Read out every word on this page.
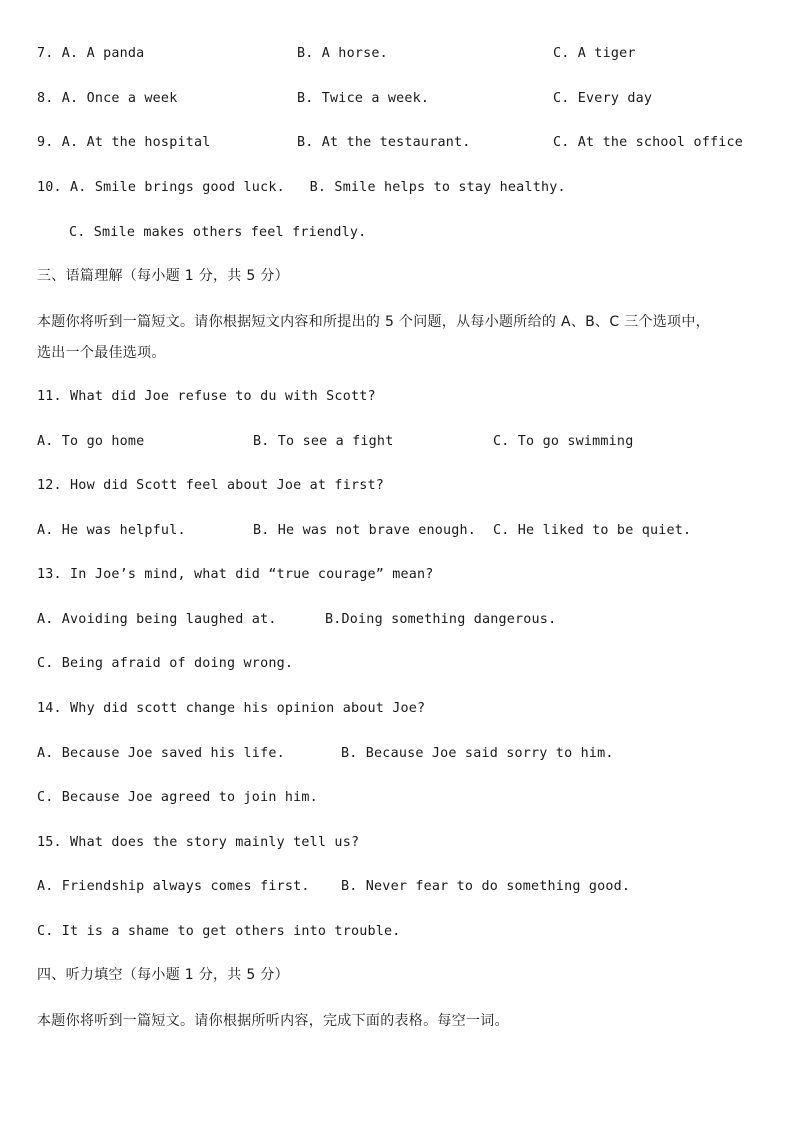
7. A. A panda	B. A horse.	C. A tiger
8. A. Once a week	B. Twice a week.	C. Every day
9. A. At the hospital	B. At the testaurant.	C. At the school office
10. A. Smile brings good luck.   B. Smile helps to stay healthy.
C. Smile makes others feel friendly.
三、语篇理解（每小题 1 分，共 5 分）
本题你将听到一篇短文。请你根据短文内容和所提出的 5 个问题，从每小题所给的 A、B、C 三个选项中，
选出一个最佳选项。
11. What did Joe refuse to du with Scott?
A. To go home	B. To see a fight	C. To go swimming
12. How did Scott feel about Joe at first?
A. He was helpful.	B. He was not brave enough. C. He liked to be quiet.
13. In Joe’s mind, what did “true courage” mean?
A. Avoiding being laughed at.	B.Doing something dangerous.
C. Being afraid of doing wrong.
14. Why did scott change his opinion about Joe?
A. Because Joe saved his life.	B. Because Joe said sorry to him.
C. Because Joe agreed to join him.
15. What does the story mainly tell us?
A. Friendship always comes first. B. Never fear to do something good.
C. It is a shame to get others into trouble.
四、听力填空（每小题 1 分，共 5 分）
本题你将听到一篇短文。请你根据所听内容，完成下面的表格。每空一词。
